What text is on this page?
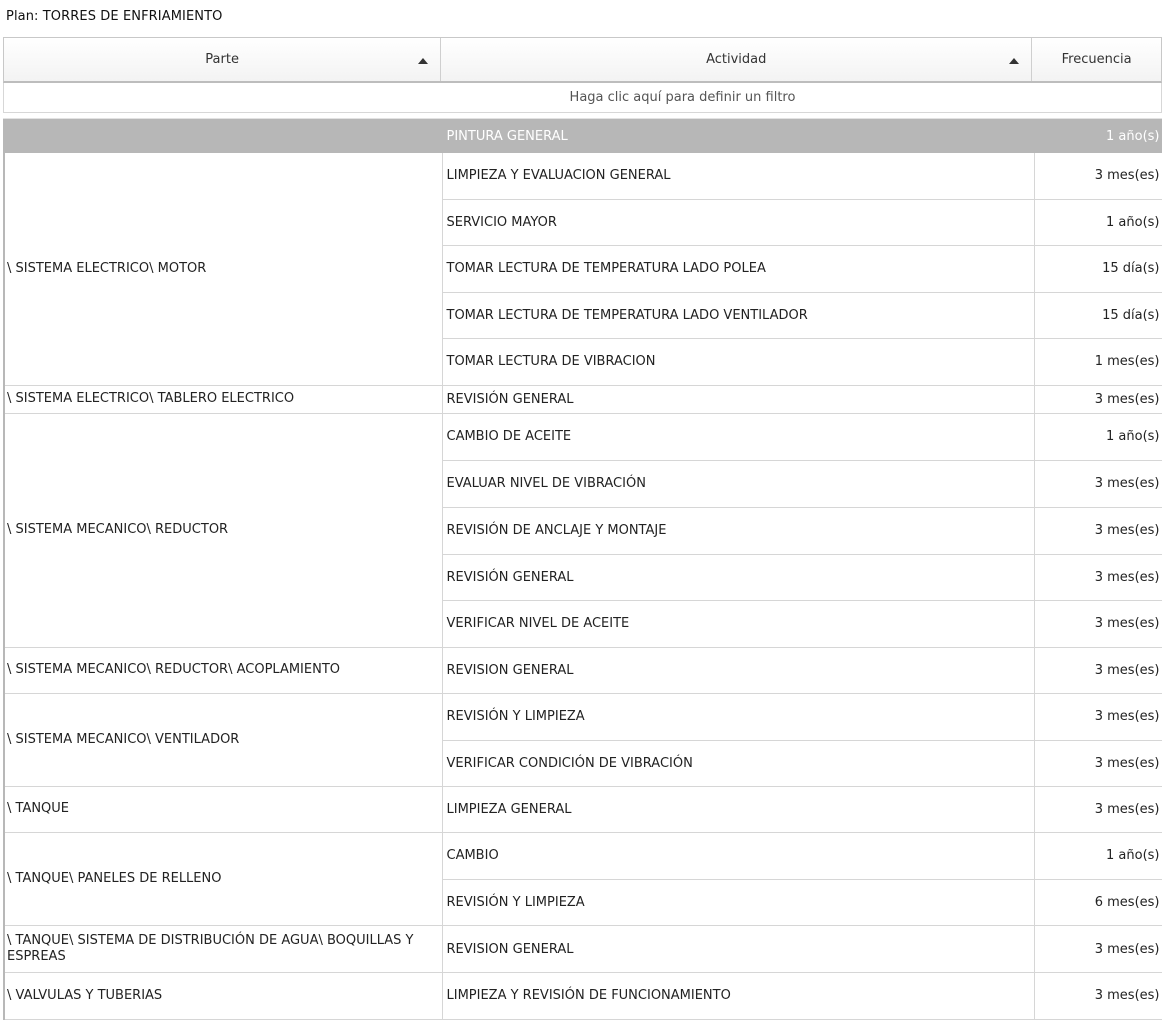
Plan: TORRES DE ENFRIAMIENTO
Parte	Actividad	Frecuencia
Haga clic aquí para definir un filtro
	PINTURA GENERAL	1 año(s)
\ SISTEMA ELECTRICO\ MOTOR	LIMPIEZA Y EVALUACION GENERAL	3 mes(es)
	SERVICIO MAYOR	1 año(s)
	TOMAR LECTURA DE TEMPERATURA LADO POLEA	15 día(s)
	TOMAR LECTURA DE TEMPERATURA LADO VENTILADOR	15 día(s)
	TOMAR LECTURA DE VIBRACION	1 mes(es)
\ SISTEMA ELECTRICO\ TABLERO ELECTRICO	REVISIÓN GENERAL	3 mes(es)
\ SISTEMA MECANICO\ REDUCTOR	CAMBIO DE ACEITE	1 año(s)
	EVALUAR NIVEL DE VIBRACIÓN	3 mes(es)
	REVISIÓN DE ANCLAJE Y MONTAJE	3 mes(es)
	REVISIÓN GENERAL	3 mes(es)
	VERIFICAR NIVEL DE ACEITE	3 mes(es)
\ SISTEMA MECANICO\ REDUCTOR\ ACOPLAMIENTO	REVISION GENERAL	3 mes(es)
\ SISTEMA MECANICO\ VENTILADOR	REVISIÓN Y LIMPIEZA	3 mes(es)
	VERIFICAR CONDICIÓN DE VIBRACIÓN	3 mes(es)
\ TANQUE	LIMPIEZA GENERAL	3 mes(es)
\ TANQUE\ PANELES DE RELLENO	CAMBIO	1 año(s)
	REVISIÓN Y LIMPIEZA	6 mes(es)
\ TANQUE\ SISTEMA DE DISTRIBUCIÓN DE AGUA\ BOQUILLAS Y ESPREAS	REVISION GENERAL	3 mes(es)
\ VALVULAS Y TUBERIAS	LIMPIEZA Y REVISIÓN DE FUNCIONAMIENTO	3 mes(es)
